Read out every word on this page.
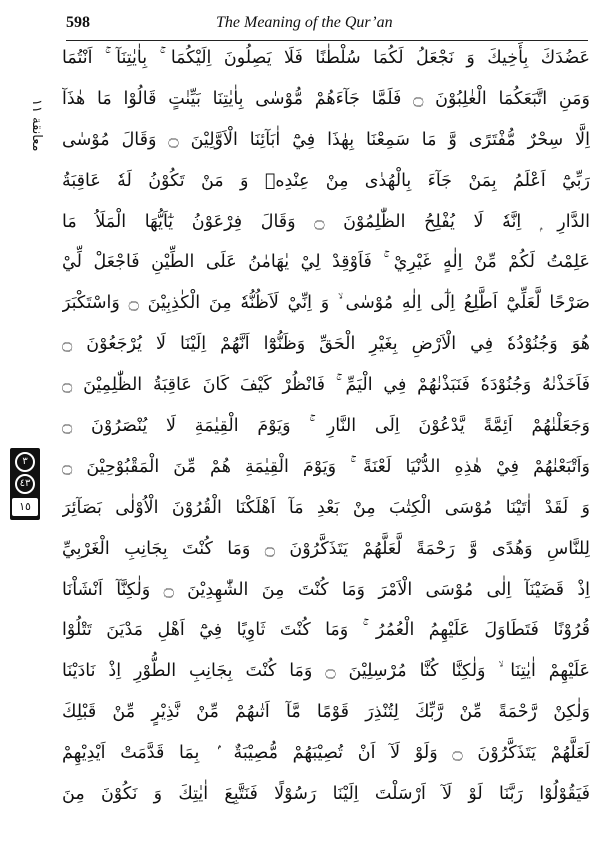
598	The Meaning of the Qur’an
معانقة ۱۱
٣
٤٣
١٥
عَضُدَكَ بِأَخِيكَ وَ نَجْعَلُ لَكُمَا سُلْطٰنًا فَلَا يَصِلُونَ اِلَيْكُمَا ۚ بِاٰيٰتِنَآ ۚ اَنْتُمَا
وَمَنِ اتَّبَعَكُمَا الْغٰلِبُوْنَ ۝ فَلَمَّا جَآءَهُمْ مُّوْسٰى بِاٰيٰتِنَا بَيِّنٰتٍ قَالُوْا مَا هٰذَآ
اِلَّا سِحْرٌ مُّفْتَرًى وَّ مَا سَمِعْنَا بِهٰذَا فِيْٓ اٰبَآئِنَا الْاَوَّلِيْنَ ۝ وَقَالَ مُوْسٰى
رَبِّيْٓ اَعْلَمُ بِمَنْ جَآءَ بِالْهُدٰى مِنْ عِنْدِهٖ وَ مَنْ تَكُوْنُ لَهٗ عَاقِبَةُ
الدَّارِ ۭ اِنَّهٗ لَا يُفْلِحُ الظّٰلِمُوْنَ ۝ وَقَالَ فِرْعَوْنُ يٰٓاَيُّهَا الْمَلَاُ مَا
عَلِمْتُ لَكُمْ مِّنْ اِلٰهٍ غَيْرِيْ ۚ فَاَوْقِدْ لِيْ يٰهَامٰنُ عَلَى الطِّيْنِ فَاجْعَلْ لِّيْ
صَرْحًا لَّعَلِّيْٓ اَطَّلِعُ اِلٰٓى اِلٰهِ مُوْسٰى ۙ وَ اِنِّيْ لَاَظُنُّهٗ مِنَ الْكٰذِبِيْنَ ۝ وَاسْتَكْبَرَ
هُوَ وَجُنُوْدُهٗ فِي الْاَرْضِ بِغَيْرِ الْحَقِّ وَظَنُّوْٓا اَنَّهُمْ اِلَيْنَا لَا يُرْجَعُوْنَ ۝
فَاَخَذْنٰهُ وَجُنُوْدَهٗ فَنَبَذْنٰهُمْ فِي الْيَمِّ ۚ فَانْظُرْ كَيْفَ كَانَ عَاقِبَةُ الظّٰلِمِيْنَ ۝
وَجَعَلْنٰهُمْ اَئِمَّةً يَّدْعُوْنَ اِلَى النَّارِ ۚ وَيَوْمَ الْقِيٰمَةِ لَا يُنْصَرُوْنَ ۝
وَاَتْبَعْنٰهُمْ فِيْ هٰذِهِ الدُّنْيَا لَعْنَةً ۚ وَيَوْمَ الْقِيٰمَةِ هُمْ مِّنَ الْمَقْبُوْحِيْنَ ۝
وَ لَقَدْ اٰتَيْنَا مُوْسَى الْكِتٰبَ مِنْ بَعْدِ مَآ اَهْلَكْنَا الْقُرُوْنَ الْاُوْلٰى بَصَآئِرَ
لِلنَّاسِ وَهُدًى وَّ رَحْمَةً لَّعَلَّهُمْ يَتَذَكَّرُوْنَ ۝ وَمَا كُنْتَ بِجَانِبِ الْغَرْبِيِّ
اِذْ قَضَيْنَآ اِلٰى مُوْسَى الْاَمْرَ وَمَا كُنْتَ مِنَ الشّٰهِدِيْنَ ۝ وَلٰكِنَّآ اَنْشَاْنَا
قُرُوْنًا فَتَطَاوَلَ عَلَيْهِمُ الْعُمُرُ ۚ وَمَا كُنْتَ ثَاوِيًا فِيْٓ اَهْلِ مَدْيَنَ تَتْلُوْا
عَلَيْهِمْ اٰيٰتِنَا ۙ وَلٰكِنَّا كُنَّا مُرْسِلِيْنَ ۝ وَمَا كُنْتَ بِجَانِبِ الطُّوْرِ اِذْ نَادَيْنَا
وَلٰكِنْ رَّحْمَةً مِّنْ رَّبِّكَ لِتُنْذِرَ قَوْمًا مَّآ اَتٰىهُمْ مِّنْ نَّذِيْرٍ مِّنْ قَبْلِكَ
لَعَلَّهُمْ يَتَذَكَّرُوْنَ ۝ وَلَوْ لَآ اَنْ تُصِيْبَهُمْ مُّصِيْبَةٌ ۢ بِمَا قَدَّمَتْ اَيْدِيْهِمْ
فَيَقُوْلُوْا رَبَّنَا لَوْ لَآ اَرْسَلْتَ اِلَيْنَا رَسُوْلًا فَنَتَّبِعَ اٰيٰتِكَ وَ نَكُوْنَ مِنَ
